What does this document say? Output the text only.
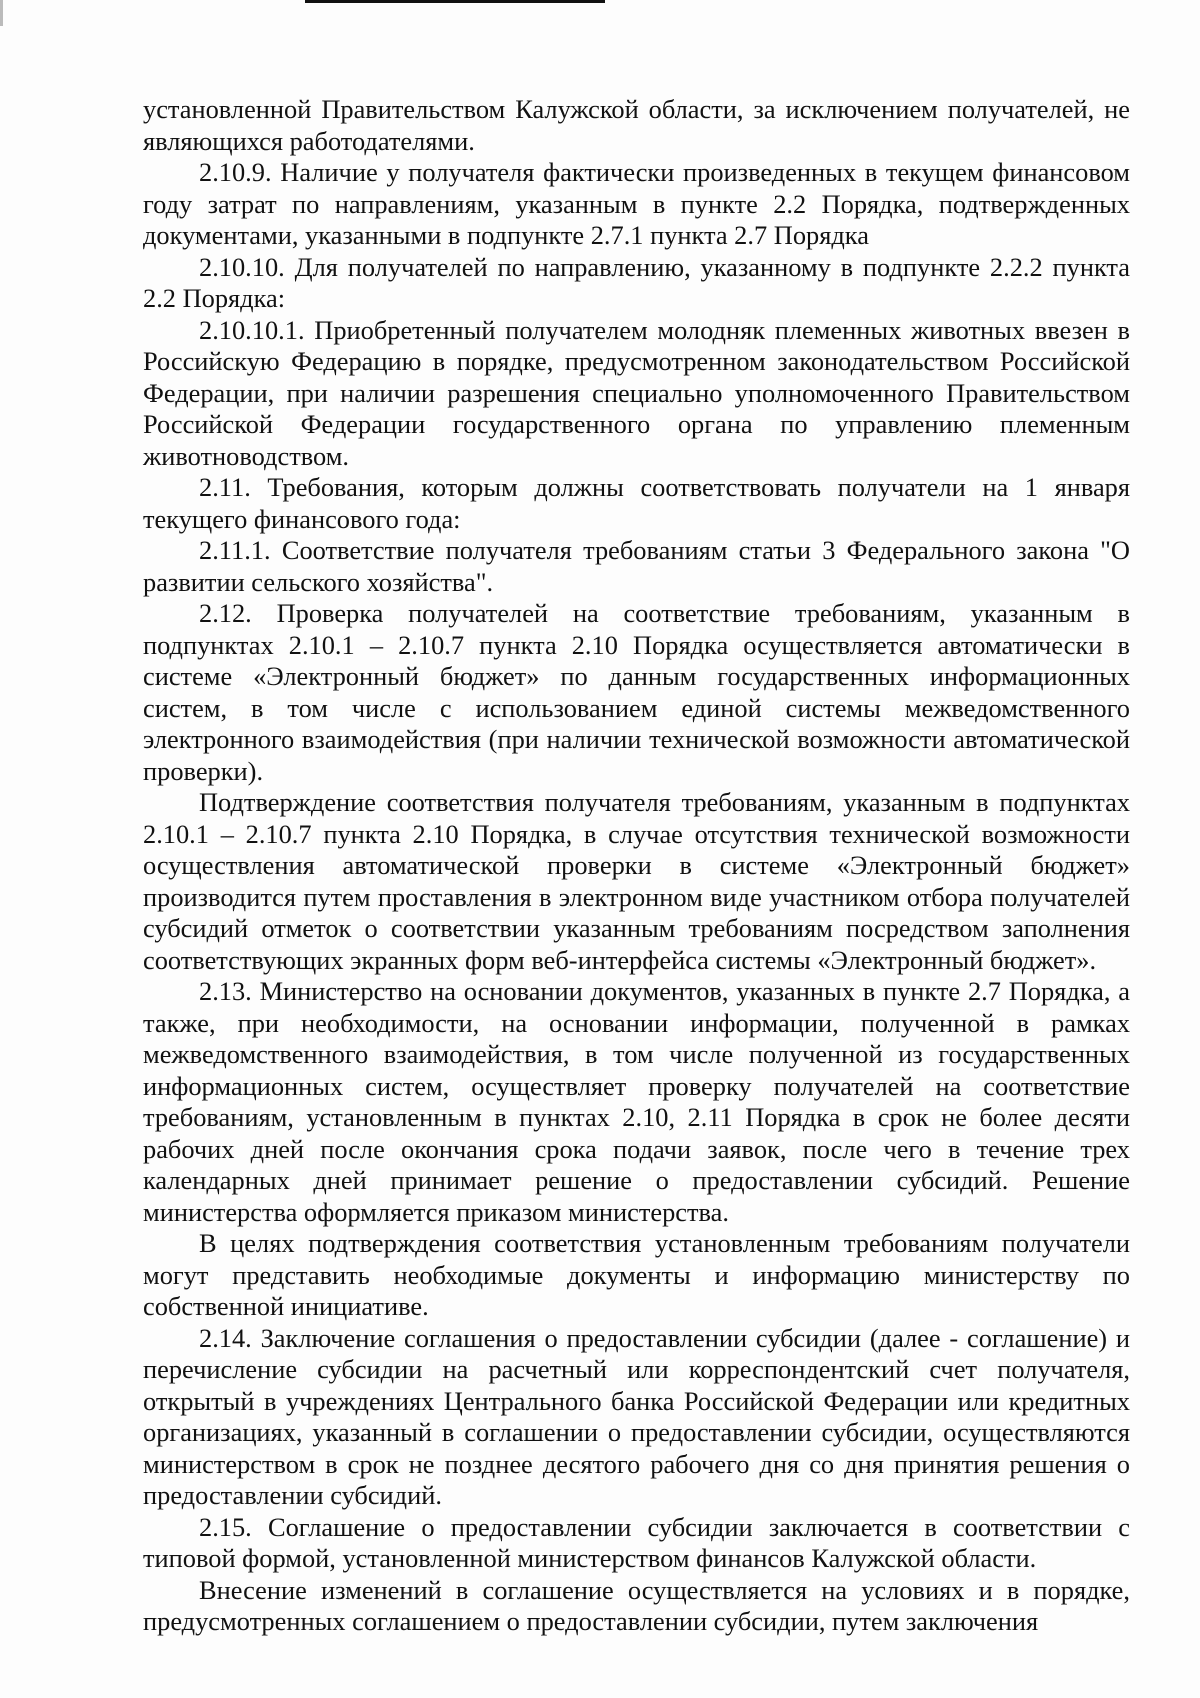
установленной Правительством Калужской области, за исключением получателей, не являющихся работодателями.

2.10.9. Наличие у получателя фактически произведенных в текущем финансовом году затрат по направлениям, указанным в пункте 2.2 Порядка, подтвержденных документами, указанными в подпункте 2.7.1 пункта 2.7 Порядка

2.10.10. Для получателей по направлению, указанному в подпункте 2.2.2 пункта 2.2 Порядка:

2.10.10.1. Приобретенный получателем молодняк племенных животных ввезен в Российскую Федерацию в порядке, предусмотренном законодательством Российской Федерации, при наличии разрешения специально уполномоченного Правительством Российской Федерации государственного органа по управлению племенным животноводством.

2.11. Требования, которым должны соответствовать получатели на 1 января текущего финансового года:

2.11.1. Соответствие получателя требованиям статьи 3 Федерального закона "О развитии сельского хозяйства".

2.12. Проверка получателей на соответствие требованиям, указанным в подпунктах 2.10.1 – 2.10.7 пункта 2.10 Порядка осуществляется автоматически в системе «Электронный бюджет» по данным государственных информационных систем, в том числе с использованием единой системы межведомственного электронного взаимодействия (при наличии технической возможности автоматической проверки).

Подтверждение соответствия получателя требованиям, указанным в подпунктах 2.10.1 – 2.10.7 пункта 2.10 Порядка, в случае отсутствия технической возможности осуществления автоматической проверки в системе «Электронный бюджет» производится путем проставления в электронном виде участником отбора получателей субсидий отметок о соответствии указанным требованиям посредством заполнения соответствующих экранных форм веб-интерфейса системы «Электронный бюджет».

2.13. Министерство на основании документов, указанных в пункте 2.7 Порядка, а также, при необходимости, на основании информации, полученной в рамках межведомственного взаимодействия, в том числе полученной из государственных информационных систем, осуществляет проверку получателей на соответствие требованиям, установленным в пунктах 2.10, 2.11 Порядка в срок не более десяти рабочих дней после окончания срока подачи заявок, после чего в течение трех календарных дней принимает решение о предоставлении субсидий. Решение министерства оформляется приказом министерства.

В целях подтверждения соответствия установленным требованиям получатели могут представить необходимые документы и информацию министерству по собственной инициативе.

2.14. Заключение соглашения о предоставлении субсидии (далее - соглашение) и перечисление субсидии на расчетный или корреспондентский счет получателя, открытый в учреждениях Центрального банка Российской Федерации или кредитных организациях, указанный в соглашении о предоставлении субсидии, осуществляются министерством в срок не позднее десятого рабочего дня со дня принятия решения о предоставлении субсидий.

2.15. Соглашение о предоставлении субсидии заключается в соответствии с типовой формой, установленной министерством финансов Калужской области.

Внесение изменений в соглашение осуществляется на условиях и в порядке, предусмотренных соглашением о предоставлении субсидии, путем заключения
